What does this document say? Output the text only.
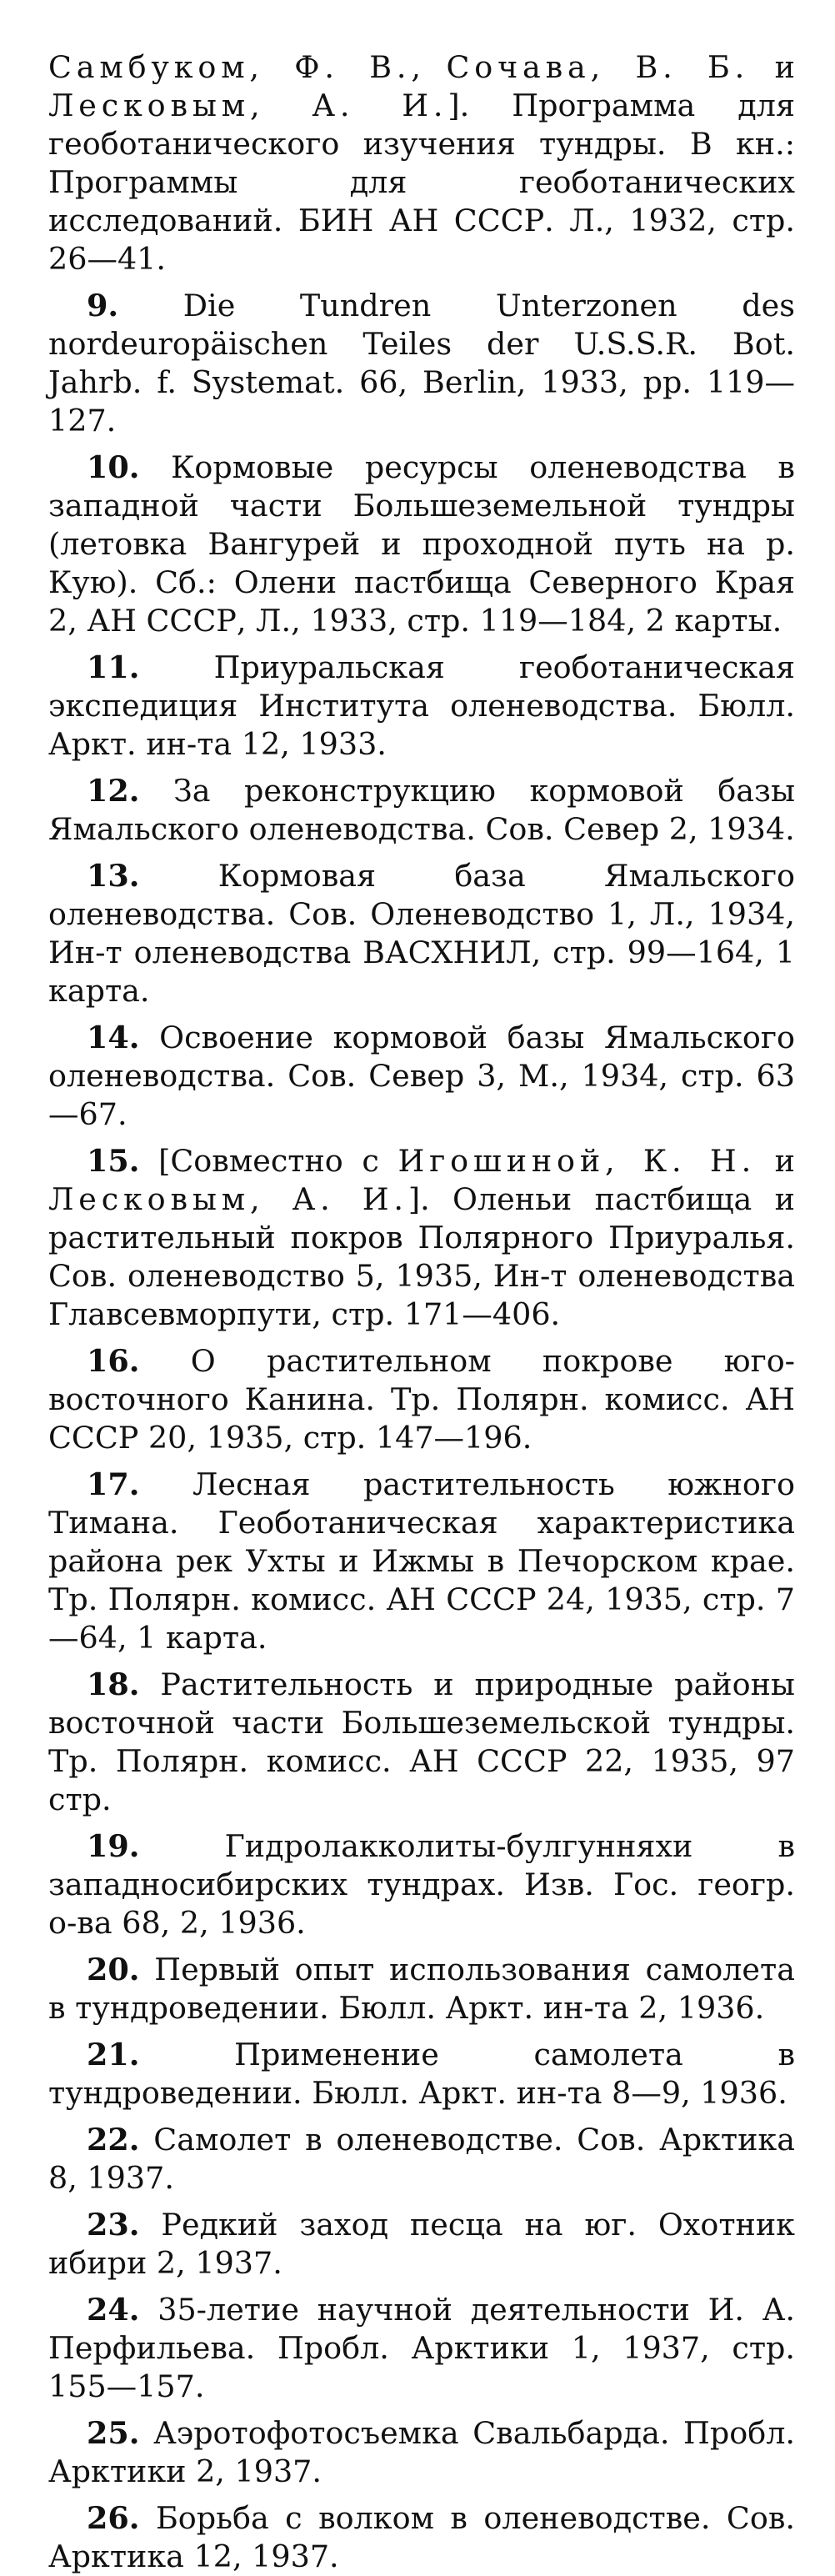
Самбуком, Ф. В., Сочава, В. Б. и Лесковым, А. И.]. Программа для геоботанического изучения тундры. В кн.: Программы для геоботанических исследований. БИН АН СССР. Л., 1932, стр. 26—41.

9. Die Tundren Unterzonen des nordeuropäischen Teiles der U.S.S.R. Bot. Jahrb. f. Systemat. 66, Berlin, 1933, pp. 119—127.

10. Кормовые ресурсы оленеводства в западной части Большеземельной тундры (летовка Вангурей и проходной путь на р. Кую). Сб.: Олени пастбища Северного Края 2, АН СССР, Л., 1933, стр. 119—184, 2 карты.

11. Приуральская геоботаническая экспедиция Института оленеводства. Бюлл. Аркт. ин-та 12, 1933.

12. За реконструкцию кормовой базы Ямальского оленеводства. Сов. Север 2, 1934.

13. Кормовая база Ямальского оленеводства. Сов. Оленеводство 1, Л., 1934, Ин-т оленеводства ВАСХНИЛ, стр. 99—164, 1 карта.

14. Освоение кормовой базы Ямальского оленеводства. Сов. Север 3, М., 1934, стр. 63—67.

15. [Совместно с Игошиной, К. Н. и Лесковым, А. И.]. Оленьи пастбища и растительный покров Полярного Приуралья. Сов. оленеводство 5, 1935, Ин-т оленеводства Главсевморпути, стр. 171—406.

16. О растительном покрове юго-восточного Канина. Тр. Полярн. комисс. АН СССР 20, 1935, стр. 147—196.

17. Лесная растительность южного Тимана. Геоботаническая характеристика района рек Ухты и Ижмы в Печорском крае. Тр. Полярн. комисс. АН СССР 24, 1935, стр. 7—64, 1 карта.

18. Растительность и природные районы восточной части Большеземельской тундры. Тр. Полярн. комисс. АН СССР 22, 1935, 97 стр.

19. Гидролакколиты-булгунняхи в западносибирских тундрах. Изв. Гос. геогр. о-ва 68, 2, 1936.

20. Первый опыт использования самолета в тундроведении. Бюлл. Аркт. ин-та 2, 1936.

21. Применение самолета в тундроведении. Бюлл. Аркт. ин-та 8—9, 1936.

22. Самолет в оленеводстве. Сов. Арктика 8, 1937.

23. Редкий заход песца на юг. Охотник ибири 2, 1937.

24. 35-летие научной деятельности И. А. Перфильева. Пробл. Арктики 1, 1937, стр. 155—157.

25. Аэротофотосъемка Свальбарда. Пробл. Арктики 2, 1937.

26. Борьба с волком в оленеводстве. Сов. Арктика 12, 1937.
